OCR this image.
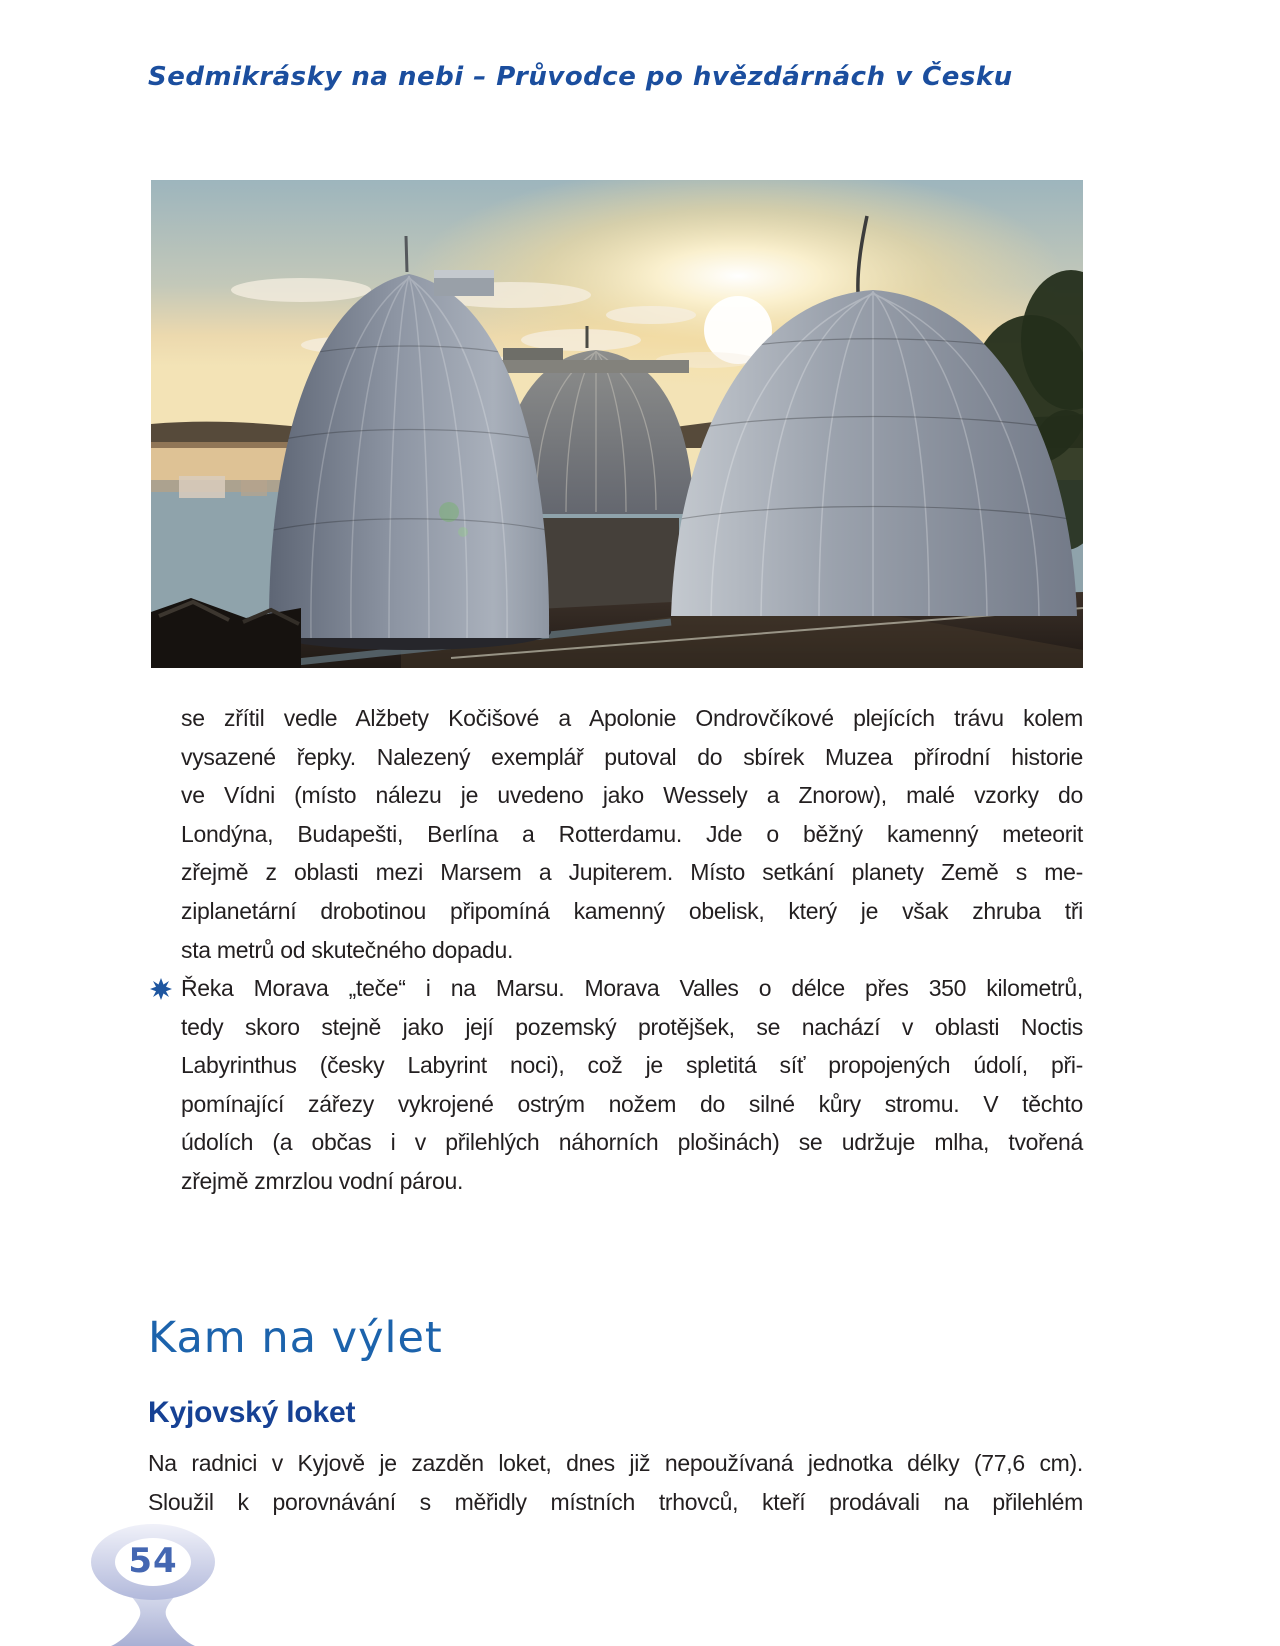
Sedmikrásky na nebi – Průvodce po hvězdárnách v Česku
se zřítil vedle Alžbety Kočišové a Apolonie Ondrovčíkové plejících trávu kolem
vysazené řepky. Nalezený exemplář putoval do sbírek Muzea přírodní historie
ve Vídni (místo nálezu je uvedeno jako Wessely a Znorow), malé vzorky do
Londýna, Budapešti, Berlína a Rotterdamu. Jde o běžný kamenný meteorit
zřejmě z oblasti mezi Marsem a Jupiterem. Místo setkání planety Země s me-
ziplanetární drobotinou připomíná kamenný obelisk, který je však zhruba tři
sta metrů od skutečného dopadu.
Řeka Morava „teče“ i na Marsu. Morava Valles o délce přes 350 kilometrů,
tedy skoro stejně jako její pozemský protějšek, se nachází v oblasti Noctis
Labyrinthus (česky Labyrint noci), což je spletitá síť propojených údolí, při-
pomínající zářezy vykrojené ostrým nožem do silné kůry stromu. V těchto
údolích (a občas i v přilehlých náhorních plošinách) se udržuje mlha, tvořená
zřejmě zmrzlou vodní párou.
Kam na výlet
Kyjovský loket
Na radnici v Kyjově je zazděn loket, dnes již nepoužívaná jednotka délky (77,6 cm).
Sloužil k porovnávání s měřidly místních trhovců, kteří prodávali na přilehlém
54
